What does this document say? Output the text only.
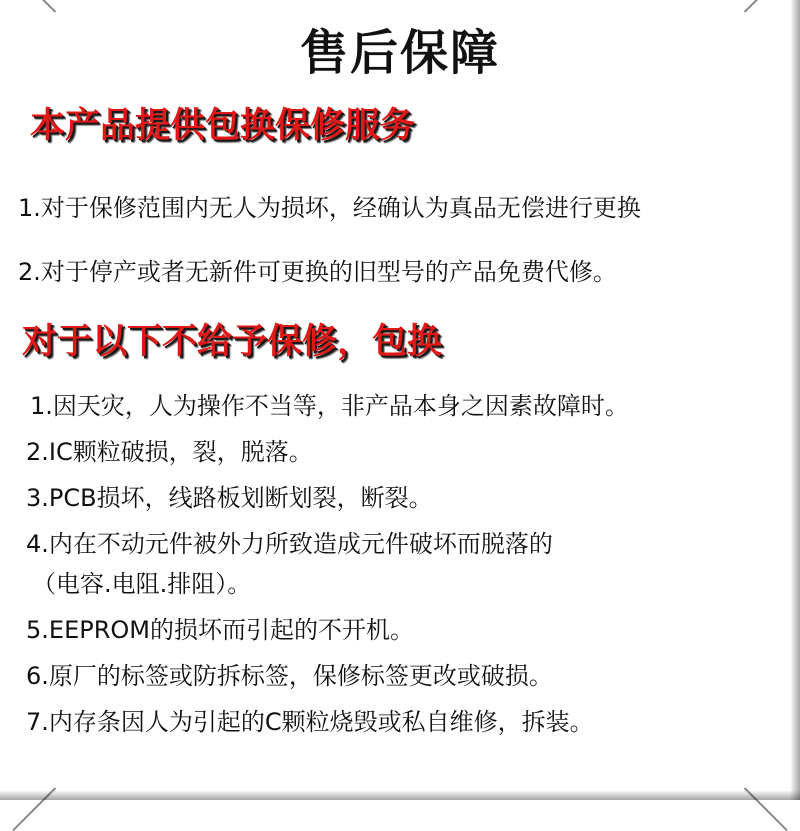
售后保障
本产品提供包换保修服务
1.对于保修范围内无人为损坏，经确认为真品无偿进行更换
2.对于停产或者无新件可更换的旧型号的产品免费代修。
对于以下不给予保修，包换
1.因天灾，人为操作不当等，非产品本身之因素故障时。
2.IC颗粒破损，裂，脱落。
3.PCB损坏，线路板划断划裂，断裂。
4.内在不动元件被外力所致造成元件破坏而脱落的
（电容.电阻.排阻）。
5.EEPROM的损坏而引起的不开机。
6.原厂的标签或防拆标签，保修标签更改或破损。
7.内存条因人为引起的C颗粒烧毁或私自维修，拆装。
